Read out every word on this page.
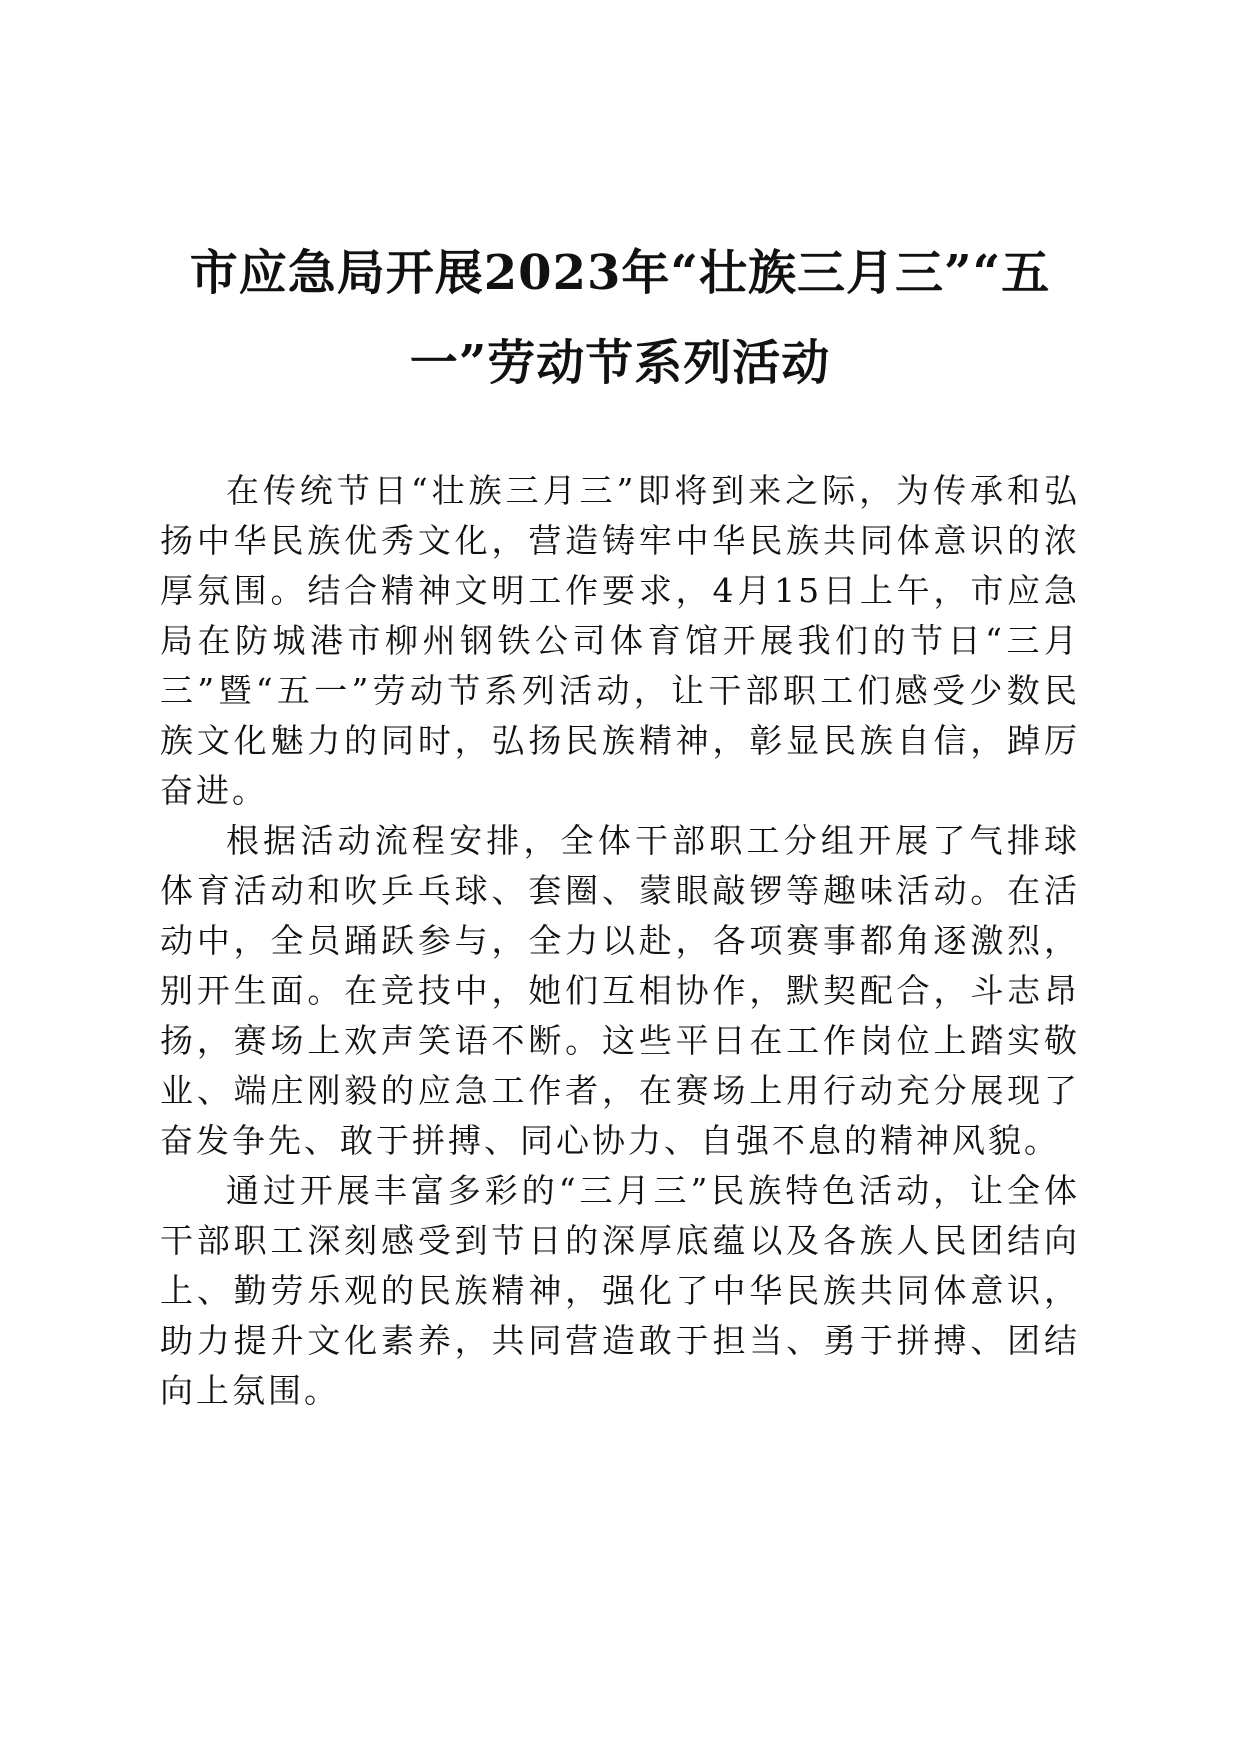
市应急局开展2023年“壮族三月三”“五
一”劳动节系列活动

在传统节日“壮族三月三”即将到来之际，为传承和弘扬中华民族优秀文化，营造铸牢中华民族共同体意识的浓厚氛围。结合精神文明工作要求，4月15日上午，市应急局在防城港市柳州钢铁公司体育馆开展我们的节日“三月三”暨“五一”劳动节系列活动，让干部职工们感受少数民族文化魅力的同时，弘扬民族精神，彰显民族自信，踔厉奋进。

根据活动流程安排，全体干部职工分组开展了气排球体育活动和吹乒乓球、套圈、蒙眼敲锣等趣味活动。在活动中，全员踊跃参与，全力以赴，各项赛事都角逐激烈，别开生面。在竞技中，她们互相协作，默契配合，斗志昂扬，赛场上欢声笑语不断。这些平日在工作岗位上踏实敬业、端庄刚毅的应急工作者，在赛场上用行动充分展现了奋发争先、敢于拼搏、同心协力、自强不息的精神风貌。

通过开展丰富多彩的“三月三”民族特色活动，让全体干部职工深刻感受到节日的深厚底蕴以及各族人民团结向上、勤劳乐观的民族精神，强化了中华民族共同体意识，助力提升文化素养，共同营造敢于担当、勇于拼搏、团结向上氛围。
